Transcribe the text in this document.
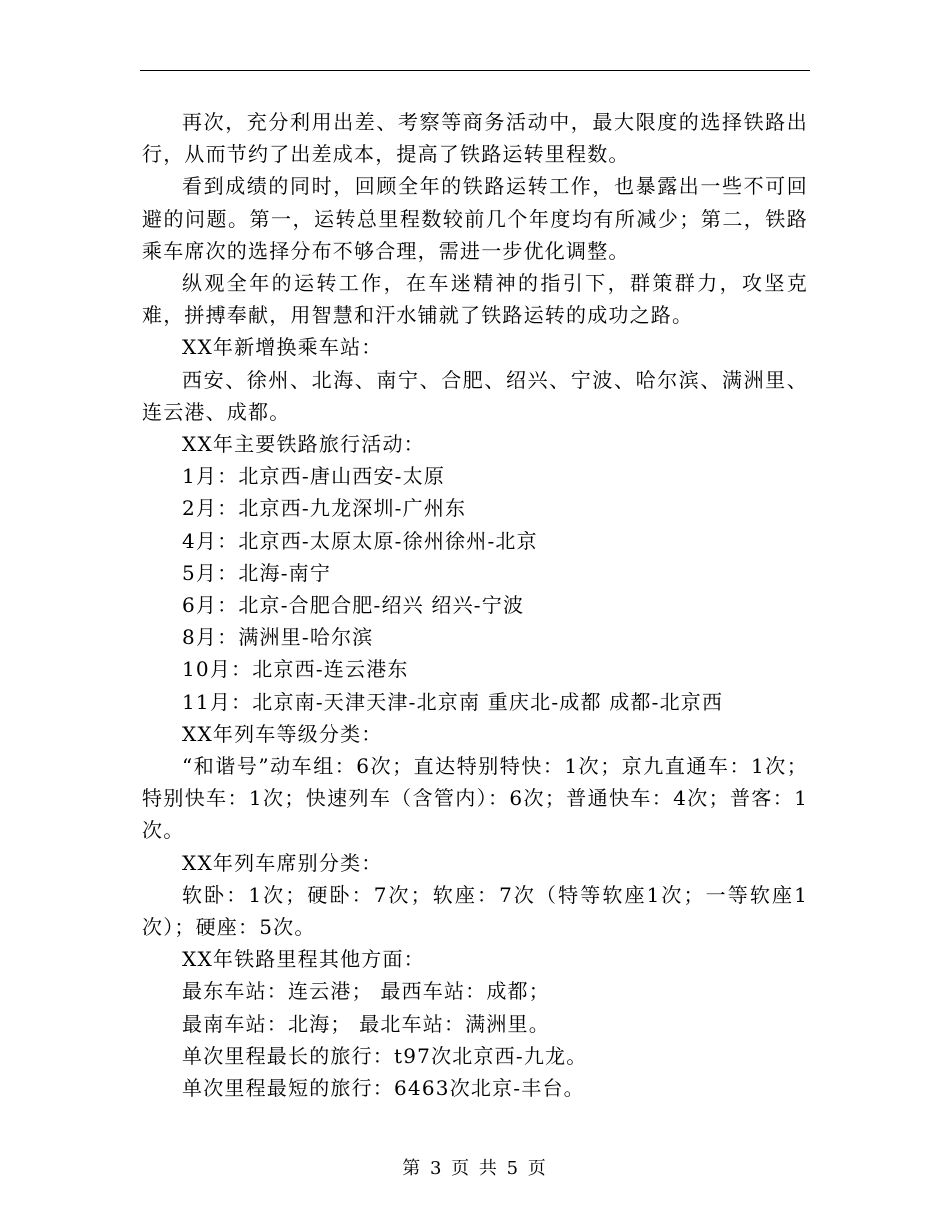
再次，充分利用出差、考察等商务活动中，最大限度的选择铁路出行，从而节约了出差成本，提高了铁路运转里程数。

看到成绩的同时，回顾全年的铁路运转工作，也暴露出一些不可回避的问题。第一，运转总里程数较前几个年度均有所减少；第二，铁路乘车席次的选择分布不够合理，需进一步优化调整。

纵观全年的运转工作，在车迷精神的指引下，群策群力，攻坚克难，拼搏奉献，用智慧和汗水铺就了铁路运转的成功之路。

XX年新增换乘车站：

西安、徐州、北海、南宁、合肥、绍兴、宁波、哈尔滨、满洲里、连云港、成都。

XX年主要铁路旅行活动：

1月：北京西-唐山西安-太原

2月：北京西-九龙深圳-广州东

4月：北京西-太原太原-徐州徐州-北京

5月：北海-南宁

6月：北京-合肥合肥-绍兴 绍兴-宁波

8月：满洲里-哈尔滨

10月：北京西-连云港东

11月：北京南-天津天津-北京南 重庆北-成都 成都-北京西

XX年列车等级分类：

“和谐号”动车组：6次；直达特别特快：1次；京九直通车：1次；特别快车：1次；快速列车（含管内）：6次；普通快车：4次；普客：1次。

XX年列车席别分类：

软卧：1次；硬卧：7次；软座：7次（特等软座1次；一等软座1次）；硬座：5次。

XX年铁路里程其他方面：

最东车站：连云港； 最西车站：成都；

最南车站：北海； 最北车站：满洲里。

单次里程最长的旅行：t97次北京西-九龙。

单次里程最短的旅行：6463次北京-丰台。

第 3 页 共 5 页
